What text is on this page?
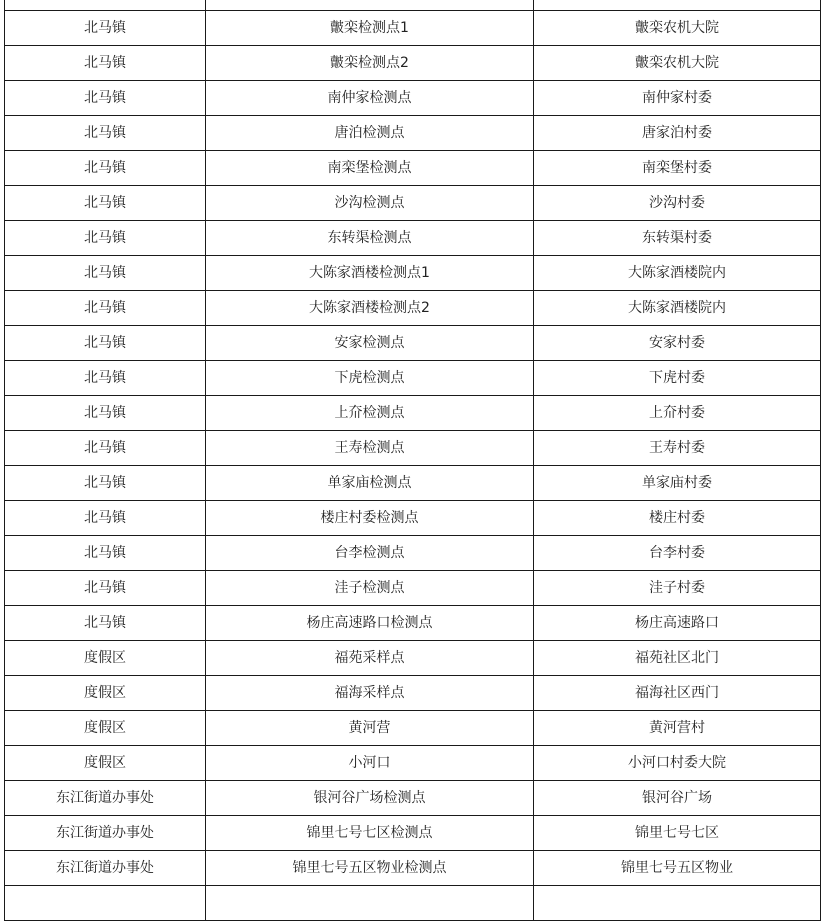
北马镇	皾栾检测点1	皾栾农机大院
北马镇	皾栾检测点2	皾栾农机大院
北马镇	南仲家检测点	南仲家村委
北马镇	唐泊检测点	唐家泊村委
北马镇	南栾堡检测点	南栾堡村委
北马镇	沙沟检测点	沙沟村委
北马镇	东转渠检测点	东转渠村委
北马镇	大陈家酒楼检测点1	大陈家酒楼院内
北马镇	大陈家酒楼检测点2	大陈家酒楼院内
北马镇	安家检测点	安家村委
北马镇	下虎检测点	下虎村委
北马镇	上夼检测点	上夼村委
北马镇	王寿检测点	王寿村委
北马镇	单家庙检测点	单家庙村委
北马镇	楼庄村委检测点	楼庄村委
北马镇	台李检测点	台李村委
北马镇	洼子检测点	洼子村委
北马镇	杨庄高速路口检测点	杨庄高速路口
度假区	福苑采样点	福苑社区北门
度假区	福海采样点	福海社区西门
度假区	黄河营	黄河营村
度假区	小河口	小河口村委大院
东江街道办事处	银河谷广场检测点	银河谷广场
东江街道办事处	锦里七号七区检测点	锦里七号七区
东江街道办事处	锦里七号五区物业检测点	锦里七号五区物业
